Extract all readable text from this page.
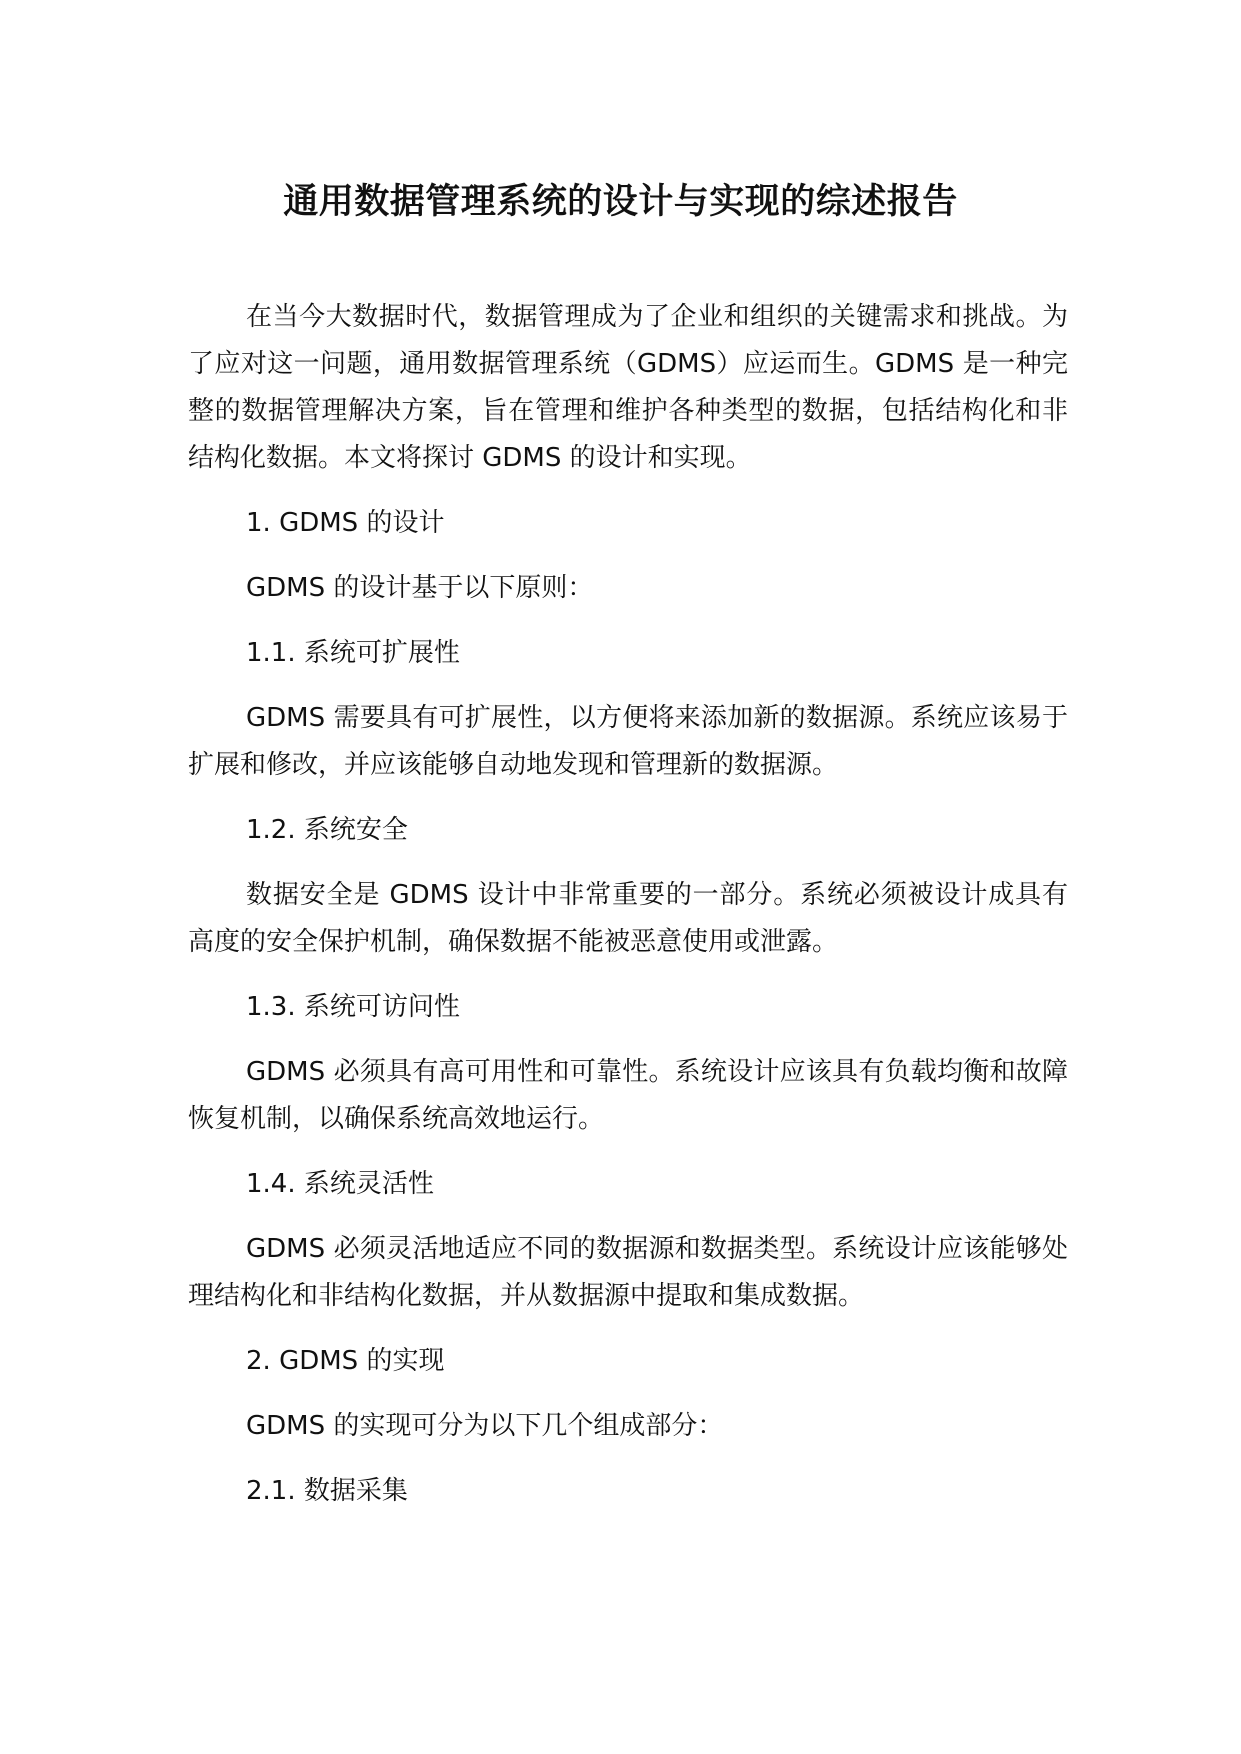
通用数据管理系统的设计与实现的综述报告

在当今大数据时代，数据管理成为了企业和组织的关键需求和挑战。为了应对这一问题，通用数据管理系统（GDMS）应运而生。GDMS 是一种完整的数据管理解决方案，旨在管理和维护各种类型的数据，包括结构化和非结构化数据。本文将探讨 GDMS 的设计和实现。

1. GDMS 的设计

GDMS 的设计基于以下原则：

1.1. 系统可扩展性

GDMS 需要具有可扩展性，以方便将来添加新的数据源。系统应该易于扩展和修改，并应该能够自动地发现和管理新的数据源。

1.2. 系统安全

数据安全是 GDMS 设计中非常重要的一部分。系统必须被设计成具有高度的安全保护机制，确保数据不能被恶意使用或泄露。

1.3. 系统可访问性

GDMS 必须具有高可用性和可靠性。系统设计应该具有负载均衡和故障恢复机制，以确保系统高效地运行。

1.4. 系统灵活性

GDMS 必须灵活地适应不同的数据源和数据类型。系统设计应该能够处理结构化和非结构化数据，并从数据源中提取和集成数据。

2. GDMS 的实现

GDMS 的实现可分为以下几个组成部分：

2.1. 数据采集
